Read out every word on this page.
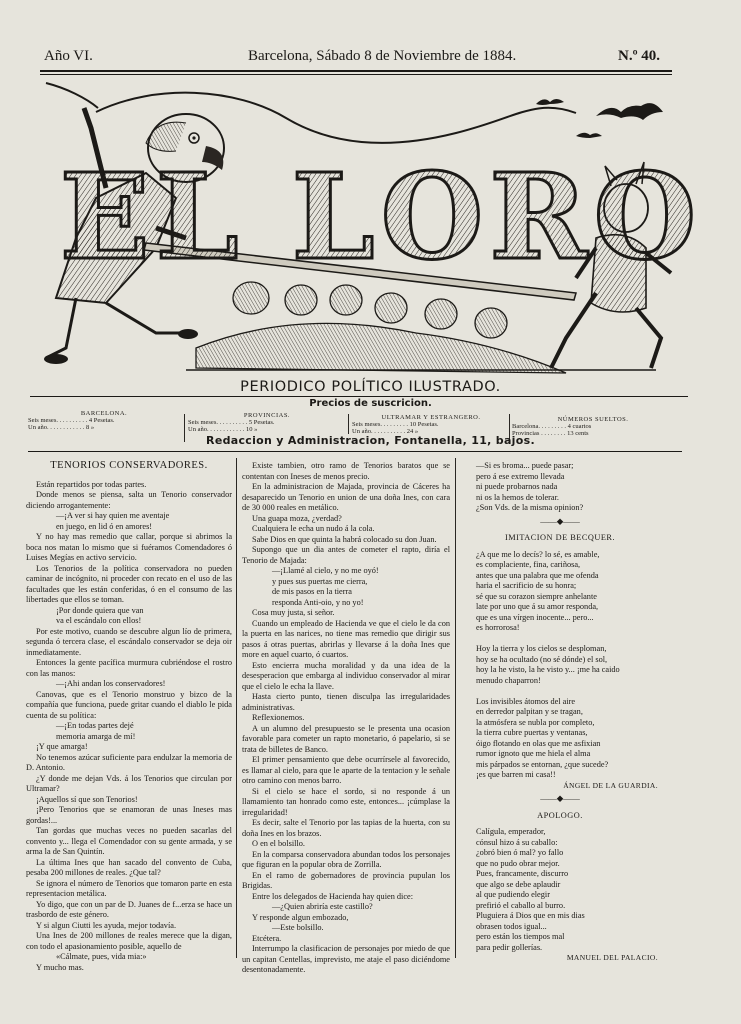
Año VI.	Barcelona, Sábado 8 de Noviembre de 1884.	N.º 40.
EL LORO
PERIODICO POLÍTICO ILUSTRADO.
Precios de suscricion.
BARCELONA.
Seis meses. . . . . . . . . . 4 Pesetas.
Un año. . . . . . . . . . . . 8 »
PROVINCIAS.
Seis meses. . . . . . . . . . 5 Pesetas.
Un año. . . . . . . . . . . . 10 »
ULTRAMAR Y ESTRANGERO.
Seis meses. . . . . . . . . 10 Pesetas.
Un año. . . . . . . . . . . 24 »
NÚMEROS SUELTOS.
Barcelona. . . . . . . . . 4 cuartos
Provincias . . . . . . . . 13 cents
Redaccion y Administracion, Fontanella, 11, bajos.

TENORIOS CONSERVADORES.

Están repartidos por todas partes.

Donde menos se piensa, salta un Tenorio conservador diciendo arrogantemente:

—¡A ver si hay quien me aventaje

en juego, en lid ó en amores!

Y no hay mas remedio que callar, porque si abrimos la boca nos matan lo mismo que si fuéramos Comendadores ó Luises Megías en activo servicio.

Los Tenorios de la política conservadora no pueden caminar de incógnito, ni proceder con recato en el uso de las facultades que les están conferidas, ó en el consumo de las libertades que ellos se toman.

¡Por donde quiera que van

va el escándalo con ellos!

Por este motivo, cuando se descubre algun lío de primera, segunda ó tercera clase, el escándalo conservador se deja oir inmediatamente.

Entonces la gente pacífica murmura cubriéndose el rostro con las manos:

—¡Ahi andan los conservadores!

Canovas, que es el Tenorio monstruo y bizco de la compañía que funciona, puede gritar cuando el diablo le pida cuenta de su política:

—¡En todas partes dejé

memoria amarga de mí!

¡Y que amarga!

No tenemos azúcar suficiente para endulzar la memoria de D. Antonio.

¿Y donde me dejan Vds. á los Tenorios que circulan por Ultramar?

¡Aquellos sí que son Tenorios!

¡Pero Tenorios que se enamoran de unas Ineses mas gordas!...

Tan gordas que muchas veces no pueden sacarlas del convento y... llega el Comendador con su gente armada, y se arma la de San Quintín.

La última Ines que han sacado del convento de Cuba, pesaba 200 millones de reales. ¿Que tal?

Se ignora el número de Tenorios que tomaron parte en esta representacion metálica.

Yo digo, que con un par de D. Juanes de f...erza se hace un trasbordo de este género.

Y si algun Ciutti les ayuda, mejor todavía.

Una Ines de 200 millones de reales merece que la digan, con todo el apasionamiento posible, aquello de

«Cálmate, pues, vida mia:»

Y mucho mas.

Existe tambien, otro ramo de Tenorios baratos que se contentan con Ineses de menos precio.

En la administracion de Majada, provincia de Cáceres ha desaparecido un Tenorio en union de una doña Ines, con cara de 30 000 reales en metálico.

Una guapa moza, ¿verdad?

Cualquiera le echa un nudo á la cola.

Sabe Dios en que quinta la habrá colocado su don Juan.

Supongo que un dia antes de cometer el rapto, diría el Tenorio de Majada:

—¡Llamé al cielo, y no me oyó!

y pues sus puertas me cierra,

de mis pasos en la tierra

responda Anti-oio, y no yo!

Cosa muy justa, si señor.

Cuando un empleado de Hacienda ve que el cielo le da con la puerta en las narices, no tiene mas remedio que dirigir sus pasos á otras puertas, abrirlas y llevarse á la doña Ines que more en aquel cuarto, ó cuartos.

Esto encierra mucha moralidad y da una idea de la desesperacion que embarga al individuo conservador al mirar que el cielo le echa la llave.

Hasta cierto punto, tienen disculpa las irregularidades administrativas.

Reflexionemos.

A un alumno del presupuesto se le presenta una ocasion favorable para cometer un rapto monetario, ó papelario, si se trata de billetes de Banco.

El primer pensamiento que debe ocurrírsele al favorecido, es llamar al cielo, para que le aparte de la tentacion y le señale otro camino con menos barro.

Si el cielo se hace el sordo, si no responde á un llamamiento tan honrado como este, entonces... ¡cúmplase la irregularidad!

Es decir, salte el Tenorio por las tapias de la huerta, con su doña Ines en los brazos.

O en el bolsillo.

En la comparsa conservadora abundan todos los personajes que figuran en la popular obra de Zorrilla.

En el ramo de gobernadores de provincia pupulan los Brigidas.

Entre los delegados de Hacienda hay quien dice:

—¿Quien abriría este castillo?

Y responde algun embozado,

—Este bolsillo.

Etcétera.

Interrumpo la clasificacion de personajes por miedo de que un capitan Centellas, imprevisto, me ataje el paso diciéndome desentonadamente.

—Si es broma... puede pasar;

pero á ese extremo llevada

ni puede probarnos nada

ni os la hemos de tolerar.

¿Son Vds. de la misma opinion?

——◆——

IMITACION DE BECQUER.

¿A que me lo decís? lo sé, es amable,

es complaciente, fina, cariñosa,

antes que una palabra que me ofenda

haria el sacrificio de su honra;

sé que su corazon siempre anhelante

late por uno que á su amor responda,

que es una vírgen inocente... pero...

es horrorosa!

Hoy la tierra y los cielos se desploman,

hoy se ha ocultado (no sé dónde) el sol,

hoy la he visto, la he visto y... ¡me ha caido

menudo chaparron!

Los invisibles átomos del aire

en derredor palpitan y se tragan,

la atmósfera se nubla por completo,

la tierra cubre puertas y ventanas,

óigo flotando en olas que me asfixian

rumor ignoto que me hiela el alma

mis párpados se entornan, ¿que sucede?

¡es que barren mi casa!!

ÁNGEL DE LA GUARDIA.

——◆——

APOLOGO.

Calígula, emperador,

cónsul hizo á su caballo:

¿obró bien ó mal? yo fallo

que no pudo obrar mejor.

Pues, francamente, discurro

que algo se debe aplaudir

al que pudiendo elegir

prefirió el caballo al burro.

Pluguiera á Dios que en mis dias

obrasen todos igual...

pero están los tiempos mal

para pedir gollerías.

MANUEL DEL PALACIO.
